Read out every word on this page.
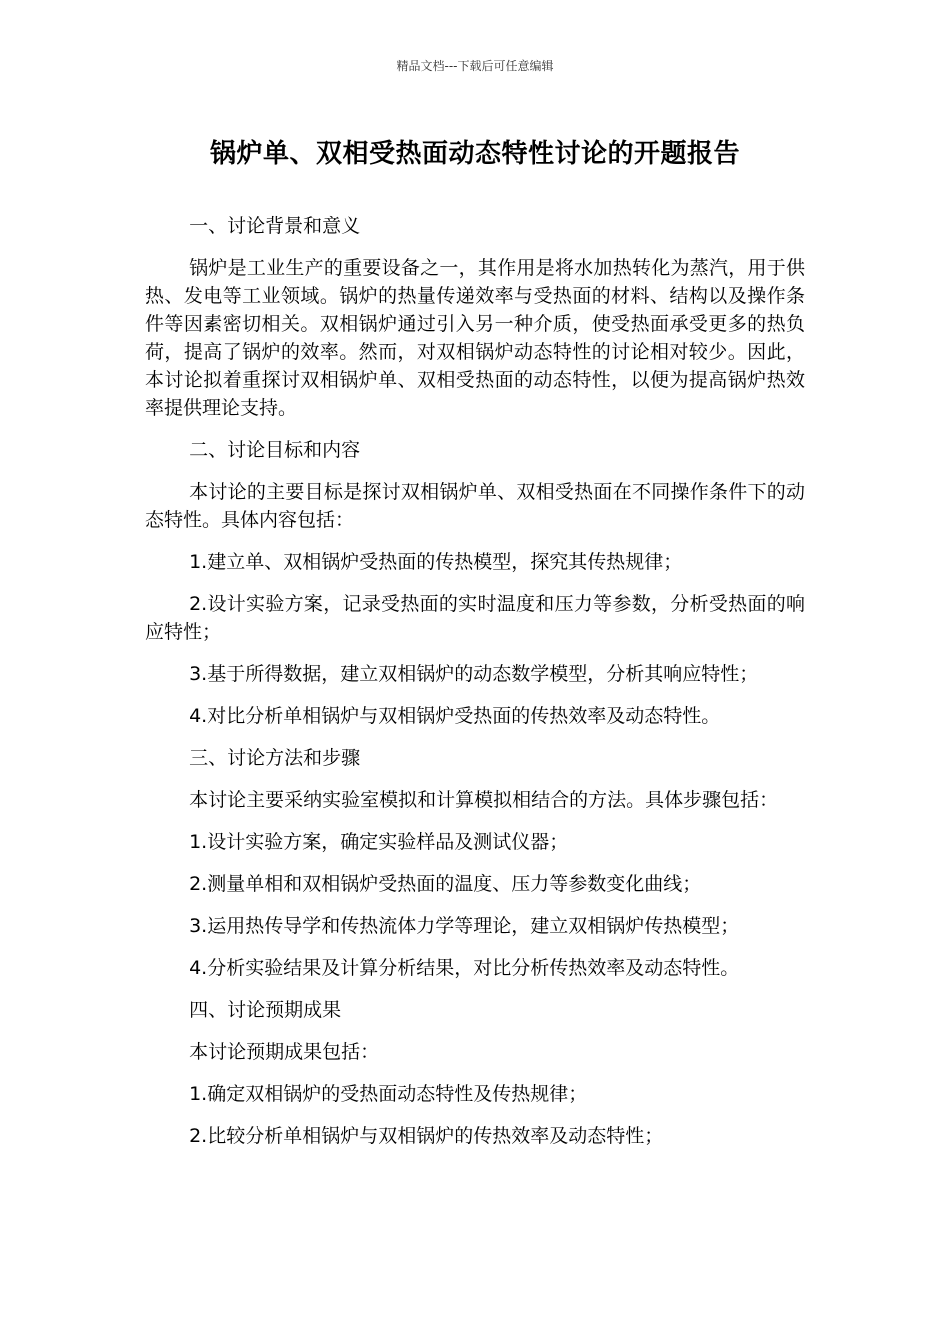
精品文档---下载后可任意编辑
锅炉单、双相受热面动态特性讨论的开题报告

一、讨论背景和意义

锅炉是工业生产的重要设备之一，其作用是将水加热转化为蒸汽，用于供热、发电等工业领域。锅炉的热量传递效率与受热面的材料、结构以及操作条件等因素密切相关。双相锅炉通过引入另一种介质，使受热面承受更多的热负荷，提高了锅炉的效率。然而，对双相锅炉动态特性的讨论相对较少。因此，本讨论拟着重探讨双相锅炉单、双相受热面的动态特性，以便为提高锅炉热效率提供理论支持。

二、讨论目标和内容

本讨论的主要目标是探讨双相锅炉单、双相受热面在不同操作条件下的动态特性。具体内容包括：

1.建立单、双相锅炉受热面的传热模型，探究其传热规律；

2.设计实验方案，记录受热面的实时温度和压力等参数，分析受热面的响应特性；

3.基于所得数据，建立双相锅炉的动态数学模型，分析其响应特性；

4.对比分析单相锅炉与双相锅炉受热面的传热效率及动态特性。

三、讨论方法和步骤

本讨论主要采纳实验室模拟和计算模拟相结合的方法。具体步骤包括：

1.设计实验方案，确定实验样品及测试仪器；

2.测量单相和双相锅炉受热面的温度、压力等参数变化曲线；

3.运用热传导学和传热流体力学等理论，建立双相锅炉传热模型；

4.分析实验结果及计算分析结果，对比分析传热效率及动态特性。

四、讨论预期成果

本讨论预期成果包括：

1.确定双相锅炉的受热面动态特性及传热规律；

2.比较分析单相锅炉与双相锅炉的传热效率及动态特性；
